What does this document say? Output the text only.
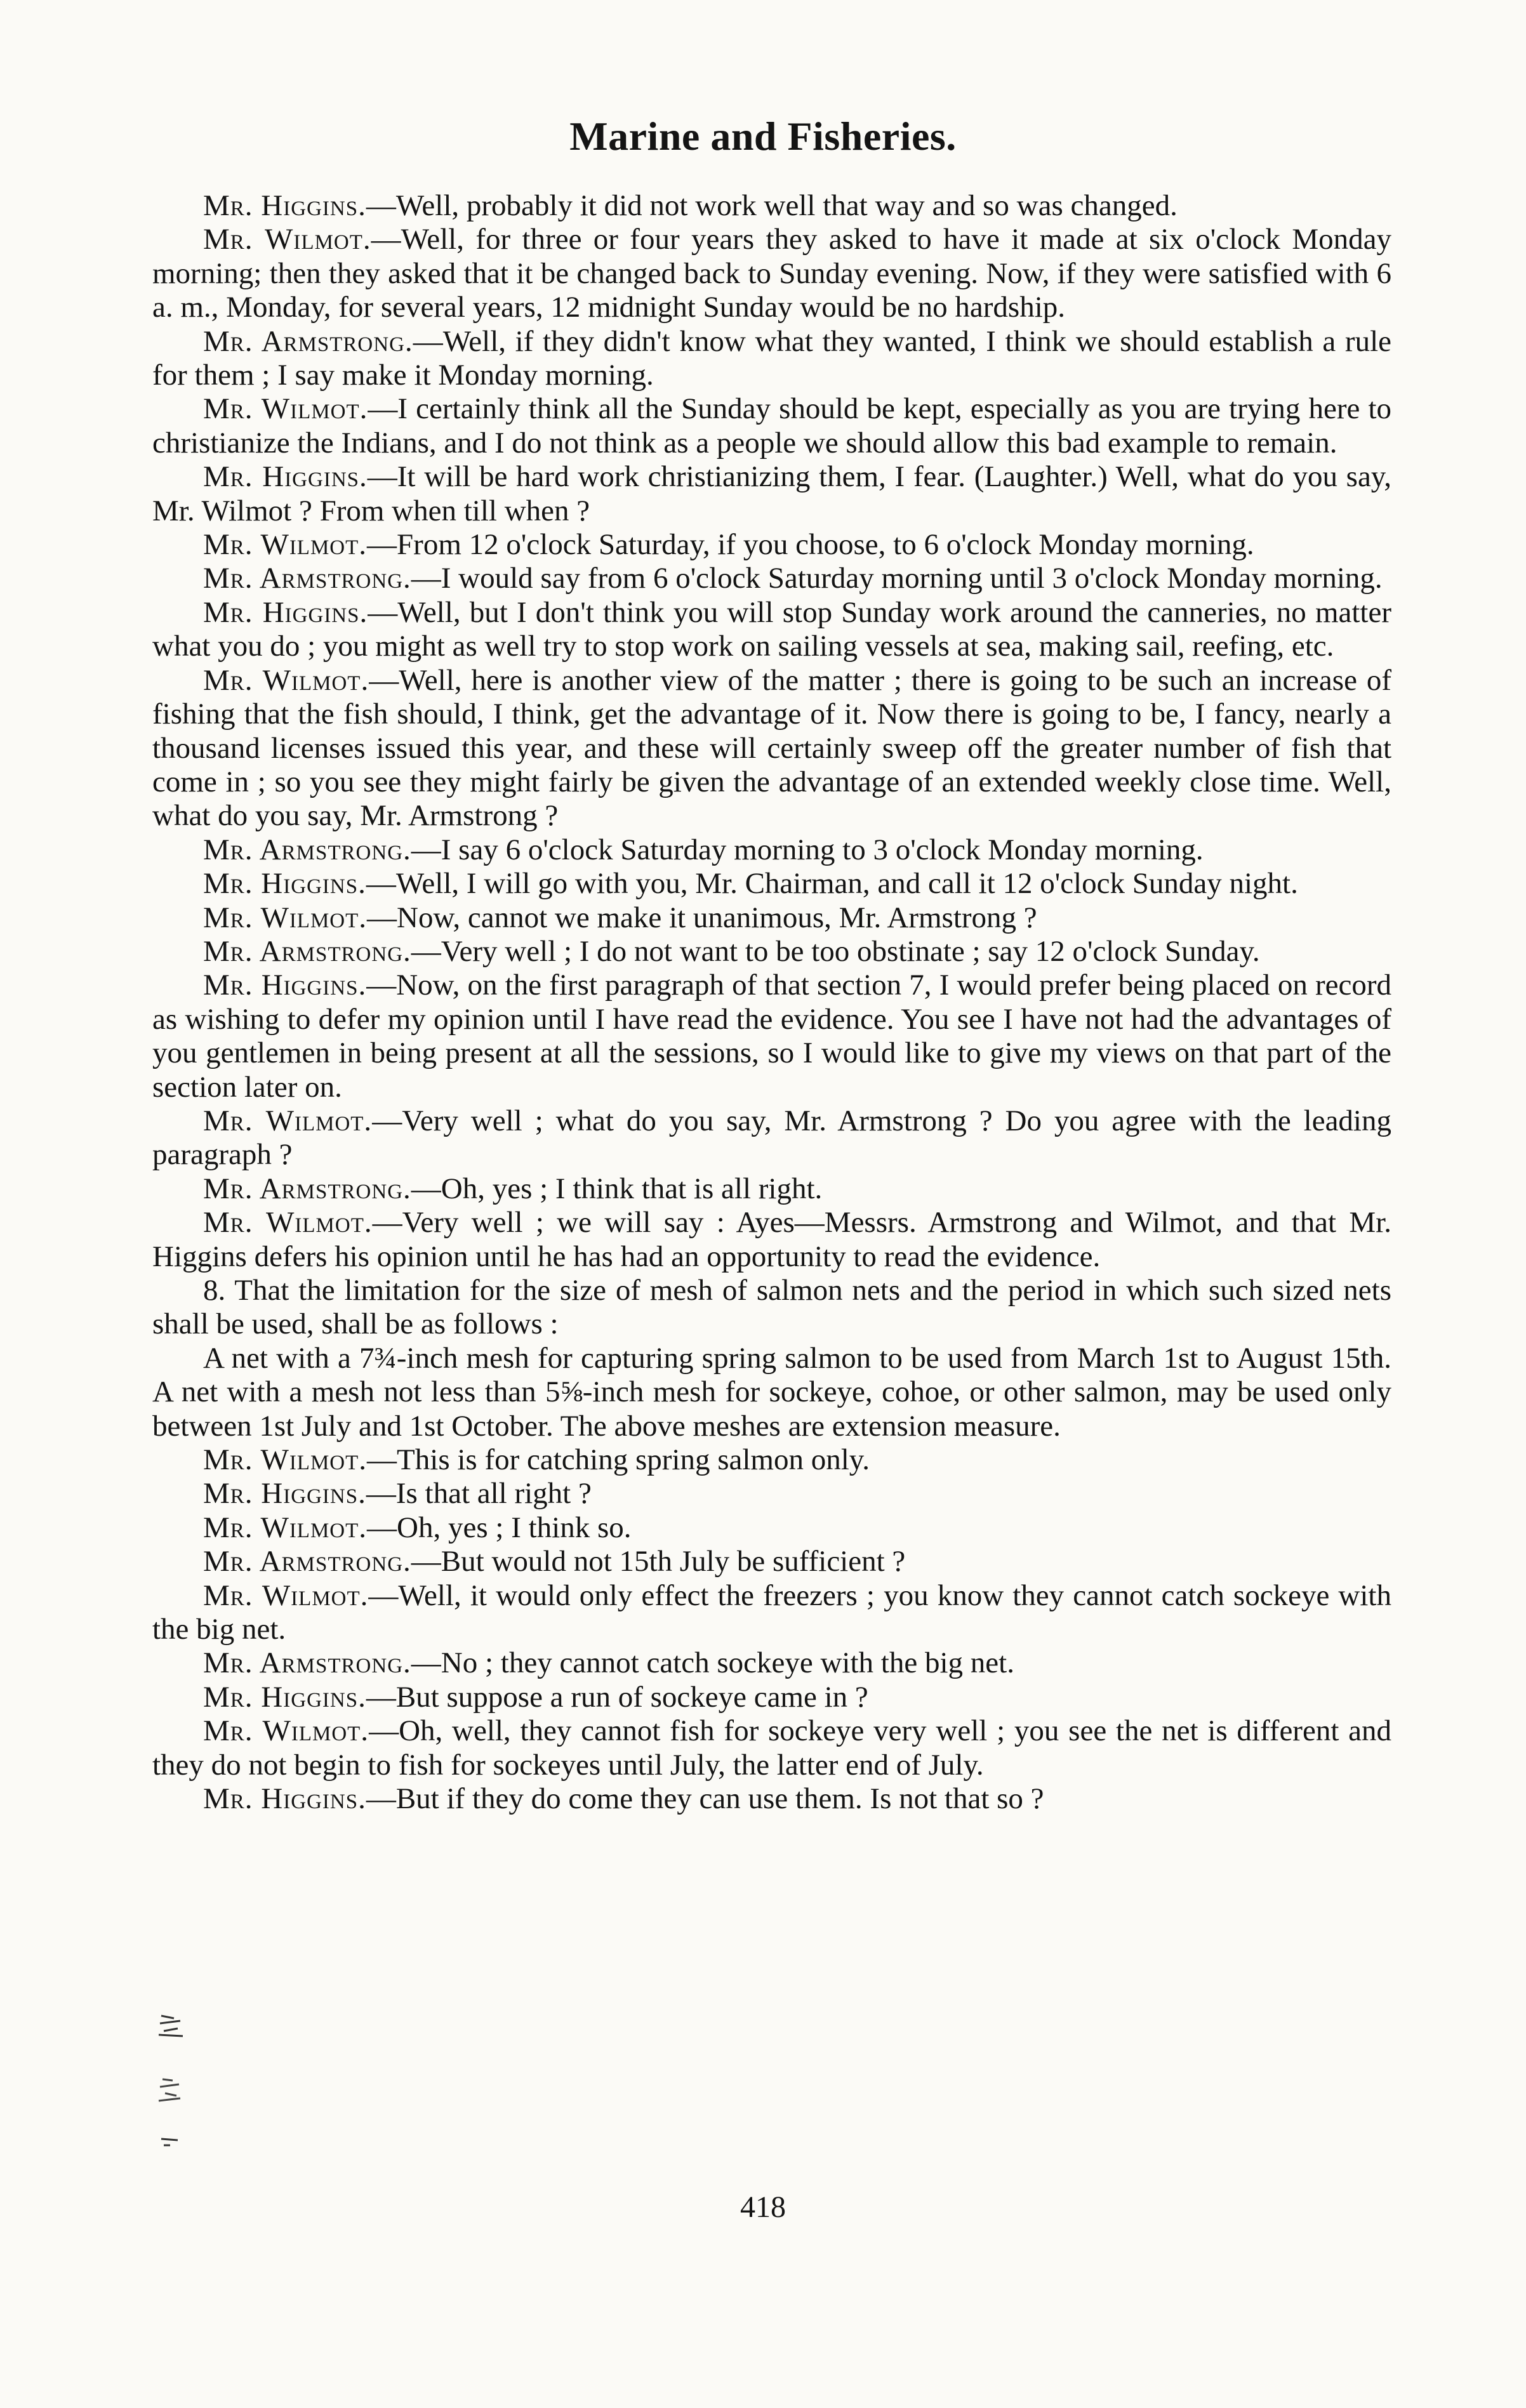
Marine and Fisheries.

Mr. Higgins.—Well, probably it did not work well that way and so was changed.

Mr. Wilmot.—Well, for three or four years they asked to have it made at six o'clock Monday morning; then they asked that it be changed back to Sunday evening. Now, if they were satisfied with 6 a. m., Monday, for several years, 12 midnight Sunday would be no hardship.

Mr. Armstrong.—Well, if they didn't know what they wanted, I think we should establish a rule for them ; I say make it Monday morning.

Mr. Wilmot.—I certainly think all the Sunday should be kept, especially as you are trying here to christianize the Indians, and I do not think as a people we should allow this bad example to remain.

Mr. Higgins.—It will be hard work christianizing them, I fear. (Laughter.) Well, what do you say, Mr. Wilmot ? From when till when ?

Mr. Wilmot.—From 12 o'clock Saturday, if you choose, to 6 o'clock Monday morning.

Mr. Armstrong.—I would say from 6 o'clock Saturday morning until 3 o'clock Monday morning.

Mr. Higgins.—Well, but I don't think you will stop Sunday work around the canneries, no matter what you do ; you might as well try to stop work on sailing vessels at sea, making sail, reefing, etc.

Mr. Wilmot.—Well, here is another view of the matter ; there is going to be such an increase of fishing that the fish should, I think, get the advantage of it. Now there is going to be, I fancy, nearly a thousand licenses issued this year, and these will certainly sweep off the greater number of fish that come in ; so you see they might fairly be given the advantage of an extended weekly close time. Well, what do you say, Mr. Armstrong ?

Mr. Armstrong.—I say 6 o'clock Saturday morning to 3 o'clock Monday morning.

Mr. Higgins.—Well, I will go with you, Mr. Chairman, and call it 12 o'clock Sunday night.

Mr. Wilmot.—Now, cannot we make it unanimous, Mr. Armstrong ?

Mr. Armstrong.—Very well ; I do not want to be too obstinate ; say 12 o'clock Sunday.

Mr. Higgins.—Now, on the first paragraph of that section 7, I would prefer being placed on record as wishing to defer my opinion until I have read the evidence. You see I have not had the advantages of you gentlemen in being present at all the sessions, so I would like to give my views on that part of the section later on.

Mr. Wilmot.—Very well ; what do you say, Mr. Armstrong ? Do you agree with the leading paragraph ?

Mr. Armstrong.—Oh, yes ; I think that is all right.

Mr. Wilmot.—Very well ; we will say : Ayes—Messrs. Armstrong and Wilmot, and that Mr. Higgins defers his opinion until he has had an opportunity to read the evidence.

8. That the limitation for the size of mesh of salmon nets and the period in which such sized nets shall be used, shall be as follows :

A net with a 7¾-inch mesh for capturing spring salmon to be used from March 1st to August 15th. A net with a mesh not less than 5⅝-inch mesh for sockeye, cohoe, or other salmon, may be used only between 1st July and 1st October. The above meshes are extension measure.

Mr. Wilmot.—This is for catching spring salmon only.

Mr. Higgins.—Is that all right ?

Mr. Wilmot.—Oh, yes ; I think so.

Mr. Armstrong.—But would not 15th July be sufficient ?

Mr. Wilmot.—Well, it would only effect the freezers ; you know they cannot catch sockeye with the big net.

Mr. Armstrong.—No ; they cannot catch sockeye with the big net.

Mr. Higgins.—But suppose a run of sockeye came in ?

Mr. Wilmot.—Oh, well, they cannot fish for sockeye very well ; you see the net is different and they do not begin to fish for sockeyes until July, the latter end of July.

Mr. Higgins.—But if they do come they can use them. Is not that so ?

418
